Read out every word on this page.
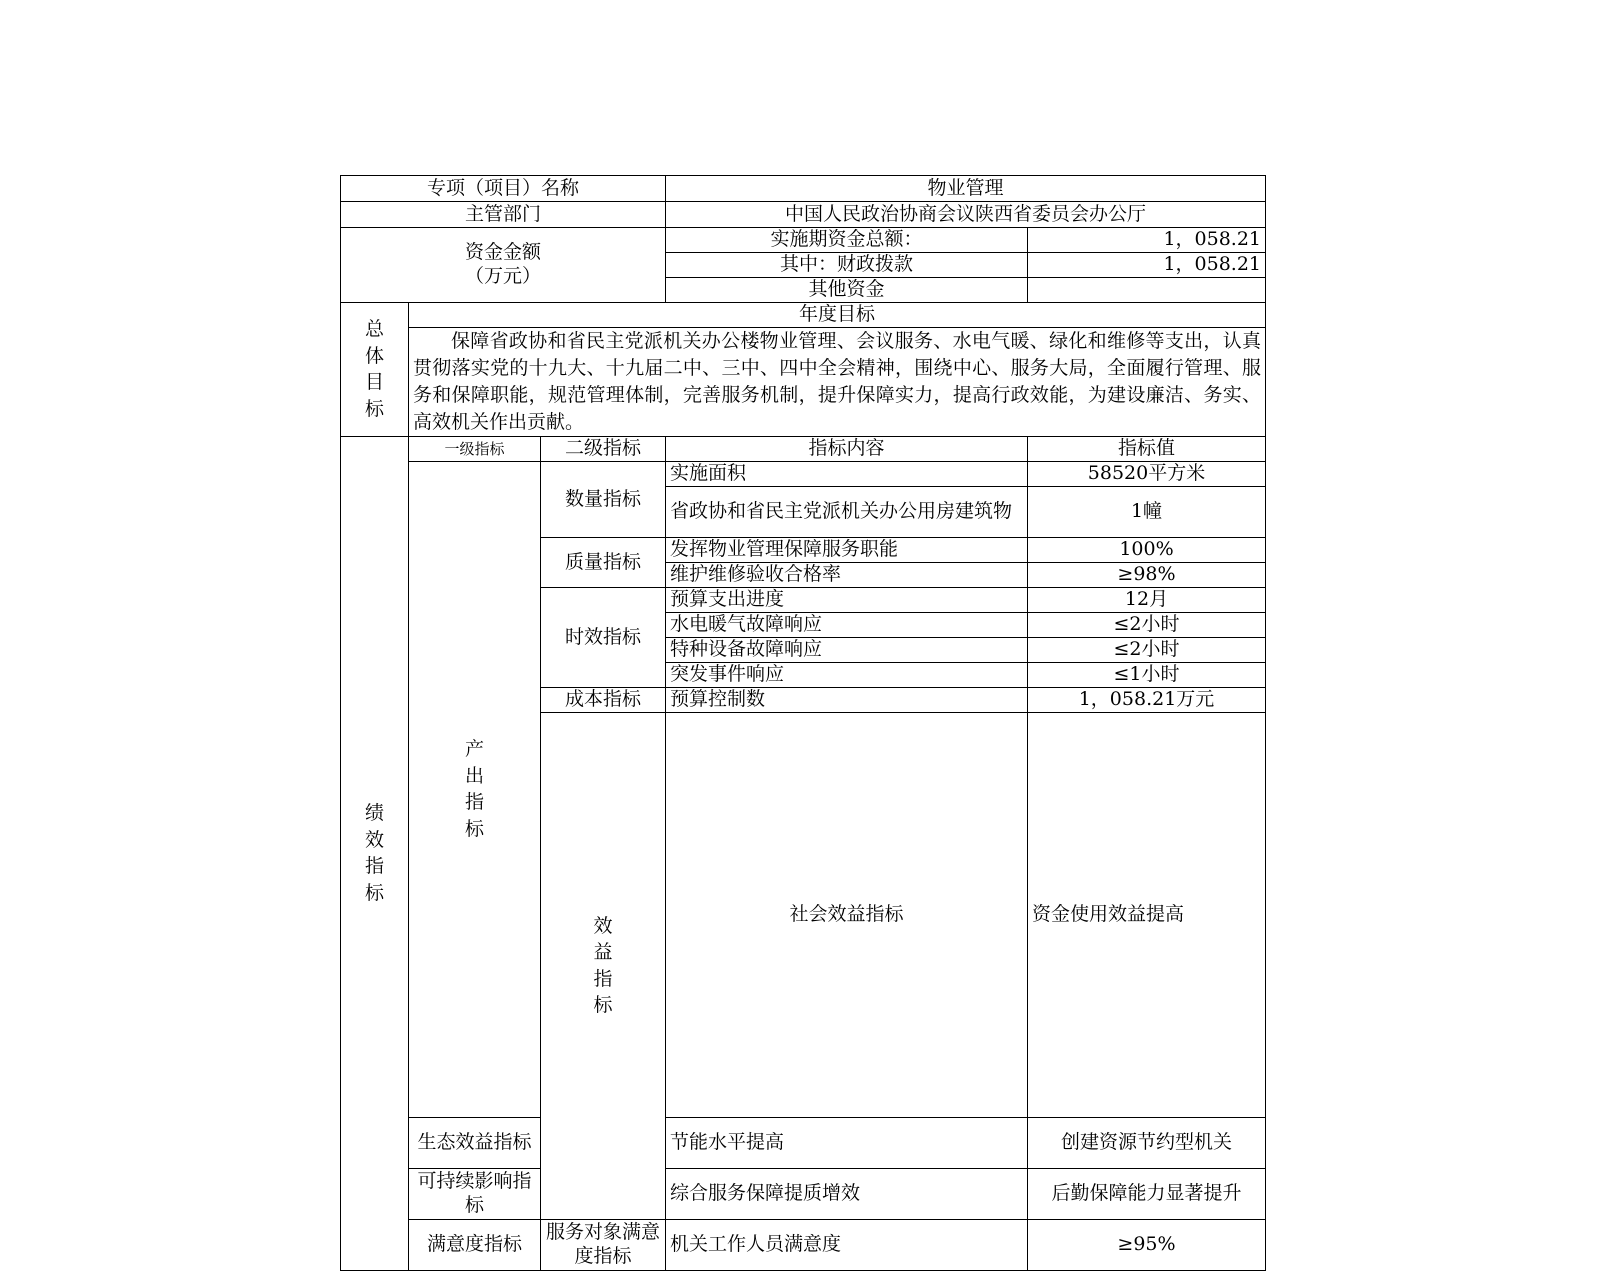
专项（项目）名称			物业管理		
主管部门			中国人民政治协商会议陕西省委员会办公厅		

资金金额
（万元）			实施期资金总额：	1，058.21	
			其中：财政拨款	1，058.21	
			其他资金		

总体目标	年度目标				
	保障省政协和省民主党派机关办公楼物业管理、会议服务、水电气暖、绿化和维修等支出，认真贯彻落实党的十九大、十九届二中、三中、四中全会精神，围绕中心、服务大局，全面履行管理、服务和保障职能，规范管理体制，完善服务机制，提升保障实力，提高行政效能，为建设廉洁、务实、高效机关作出贡献。				

绩效指标	一级指标	二级指标	指标内容	指标值	

	产出指标	数量指标	实施面积	58520平方米	
			省政协和省民主党派机关办公用房建筑物	1幢	
		质量指标	发挥物业管理保障服务职能	100%	
			维护维修验收合格率	≥98%	
		时效指标	预算支出进度	12月	
			水电暖气故障响应	≤2小时	
			特种设备故障响应	≤2小时	
			突发事件响应	≤1小时	
		成本指标	预算控制数	1，058.21万元	

		效益指标	社会效益指标	资金使用效益提高	
	生态效益指标		节能水平提高	创建资源节约型机关	
	可持续影响指标		综合服务保障提质增效	后勤保障能力显著提升	
	满意度指标	服务对象满意度指标	机关工作人员满意度	≥95%	
